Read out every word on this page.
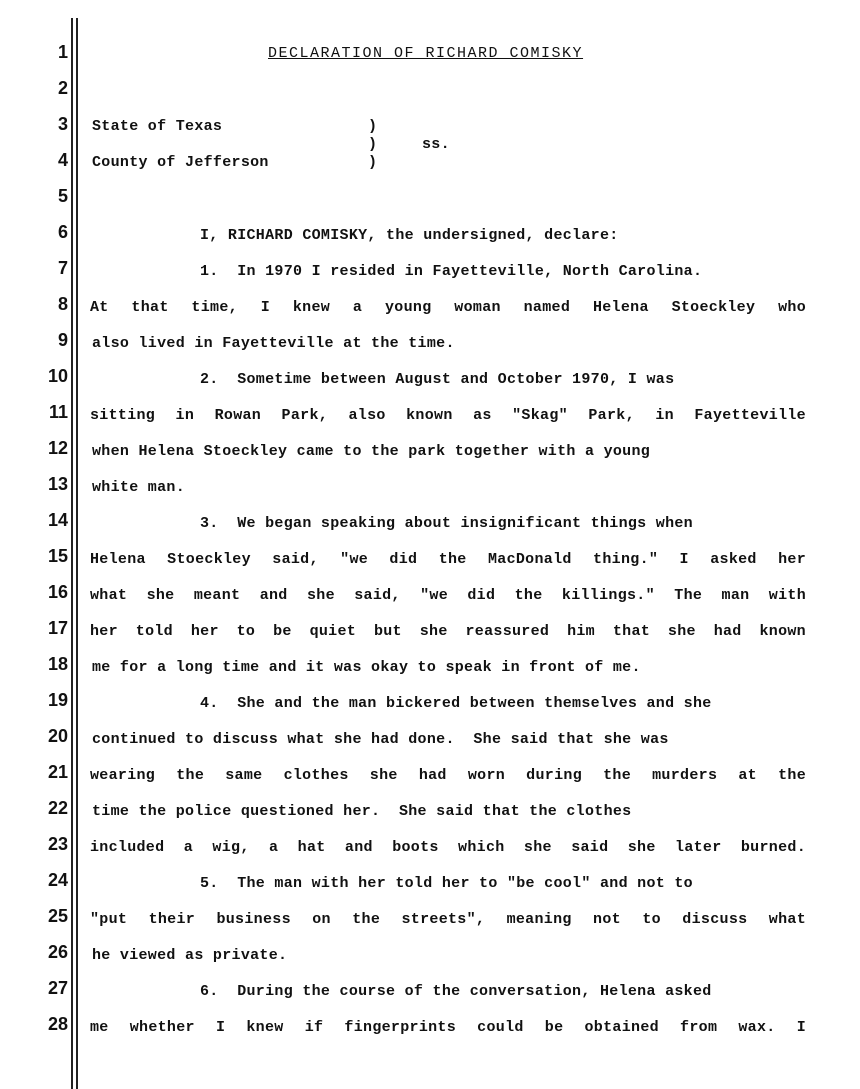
1
2
3
4
5
6
7
8
9
10
11
12
13
14
15
16
17
18
19
20
21
22
23
24
25
26
27
28
DECLARATION OF RICHARD COMISKY
State of Texas	)
)	ss.
County of Jefferson	)
I, RICHARD COMISKY, the undersigned, declare:
1.  In 1970 I resided in Fayetteville, North Carolina.
At that time, I knew a young woman named Helena Stoeckley who
also lived in Fayetteville at the time.
2.  Sometime between August and October 1970, I was
sitting in Rowan Park, also known as "Skag" Park, in Fayetteville
when Helena Stoeckley came to the park together with a young
white man.
3.  We began speaking about insignificant things when
Helena Stoeckley said, "we did the MacDonald thing." I asked her
what she meant and she said, "we did the killings." The man with
her told her to be quiet but she reassured him that she had known
me for a long time and it was okay to speak in front of me.
4.  She and the man bickered between themselves and she
continued to discuss what she had done.  She said that she was
wearing the same clothes she had worn during the murders at the
time the police questioned her.  She said that the clothes
included a wig, a hat and boots which she said she later burned.
5.  The man with her told her to "be cool" and not to
"put their business on the streets", meaning not to discuss what
he viewed as private.
6.  During the course of the conversation, Helena asked
me whether I knew if fingerprints could be obtained from wax. I
